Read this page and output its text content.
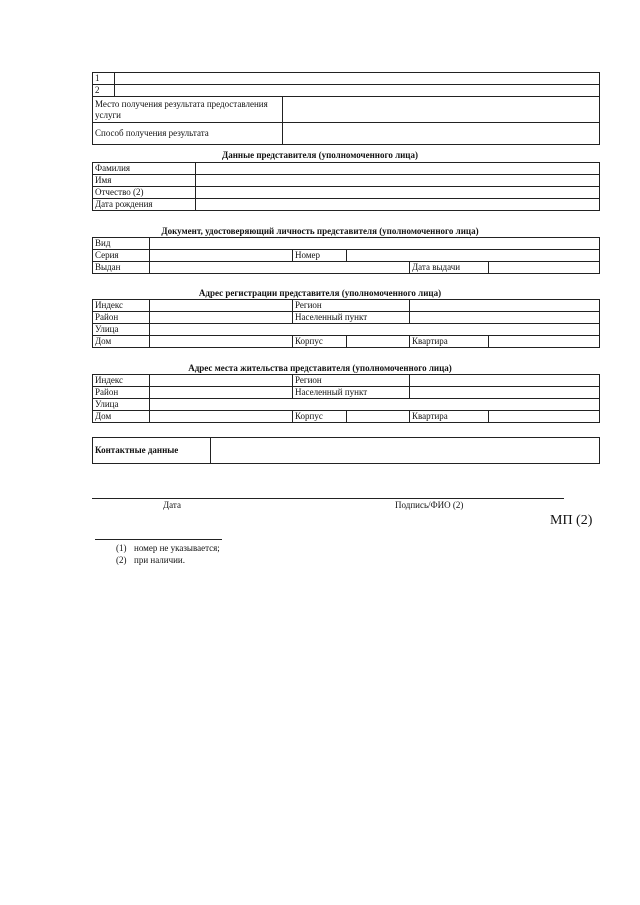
1		
2		
Место получения результата предоставления услуги		
Способ получения результата		
Данные представителя (уполномоченного лица)
Фамилия	
Имя	
Отчество (2)	
Дата рождения	
Документ, удостоверяющий личность представителя (уполномоченного лица)
Вид					
Серия		Номер			
Выдан				Дата выдачи	
Адрес регистрации представителя (уполномоченного лица)
Индекс		Регион			
Район		Населенный пункт			
Улица					
Дом		Корпус		Квартира	
Адрес места жительства представителя (уполномоченного лица)
Индекс		Регион			
Район		Населенный пункт			
Улица					
Дом		Корпус		Квартира	
Контактные данные	
Дата	Подпись/ФИО (2)
МП (2)
(1) номер не указывается;
(2) при наличии.
